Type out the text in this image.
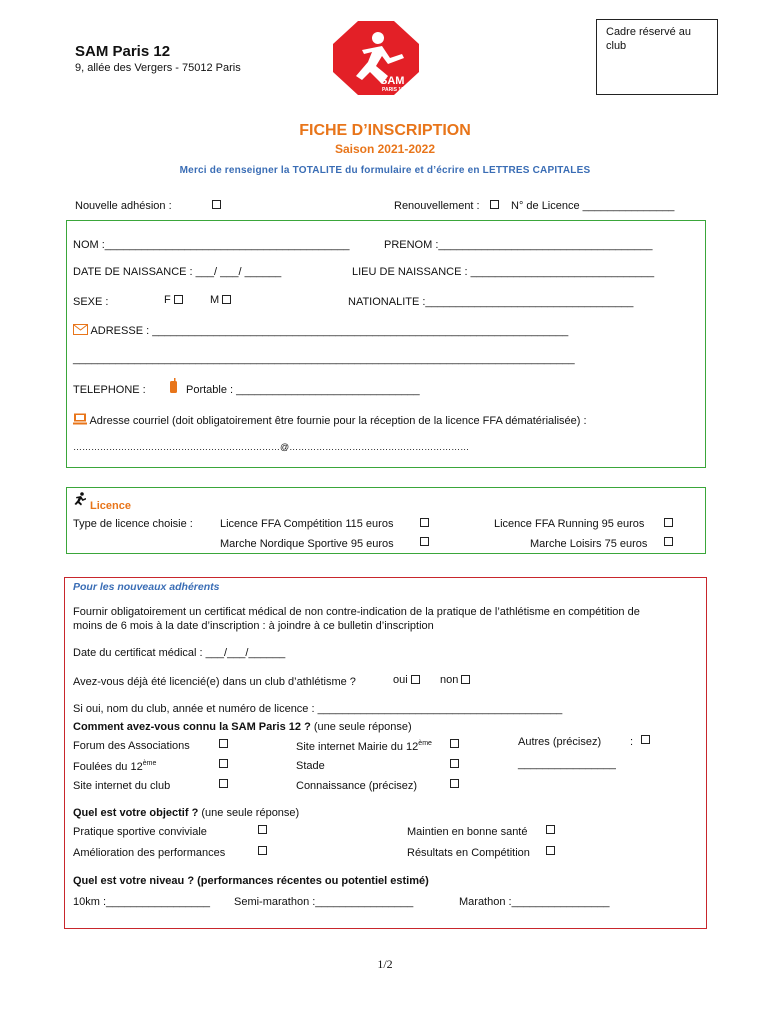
SAM Paris 12
9, allée des Vergers - 75012 Paris
SAM
PARIS 12
Cadre réservé au
club
FICHE D’INSCRIPTION
Saison 2021-2022
Merci de renseigner la TOTALITE du formulaire et d’écrire en LETTRES CAPITALES
Nouvelle adhésion :	Renouvellement :	N° de Licence _______________
NOM :________________________________________	PRENOM :___________________________________
DATE DE NAISSANCE : ___/ ___/ ______	LIEU DE NAISSANCE : ______________________________
SEXE :	F	M	NATIONALITE :__________________________________
ADRESSE : ____________________________________________________________________
__________________________________________________________________________________
TELEPHONE :	Portable : ______________________________
Adresse courriel (doit obligatoirement être fournie pour la réception de la licence FFA dématérialisée) :
……………………………………………………………@……………………………………………………
Licence
Type de licence choisie : Licence FFA Compétition 115 euros	Licence FFA Running 95 euros
Marche Nordique Sportive 95 euros	Marche Loisirs 75 euros
Pour les nouveaux adhérents
Fournir obligatoirement un certificat médical de non contre-indication de la pratique de l’athlétisme en compétition de
moins de 6 mois à la date d’inscription : à joindre à ce bulletin d’inscription
Date du certificat médical : ___/___/______
Avez-vous déjà été licencié(e) dans un club d’athlétisme ?	oui	non
Si oui, nom du club, année et numéro de licence : ________________________________________
Comment avez-vous connu la SAM Paris 12 ? (une seule réponse)
Forum des Associations	Site internet Mairie du 12ème	Autres (précisez)	:
________________
Foulées du 12ème	Stade
Site internet du club	Connaissance (précisez)
Quel est votre objectif ? (une seule réponse)
Pratique sportive conviviale	Maintien en bonne santé
Amélioration des performances	Résultats en Compétition
Quel est votre niveau ? (performances récentes ou potentiel estimé)
10km :_________________ Semi-marathon :________________	Marathon :________________
1/2
